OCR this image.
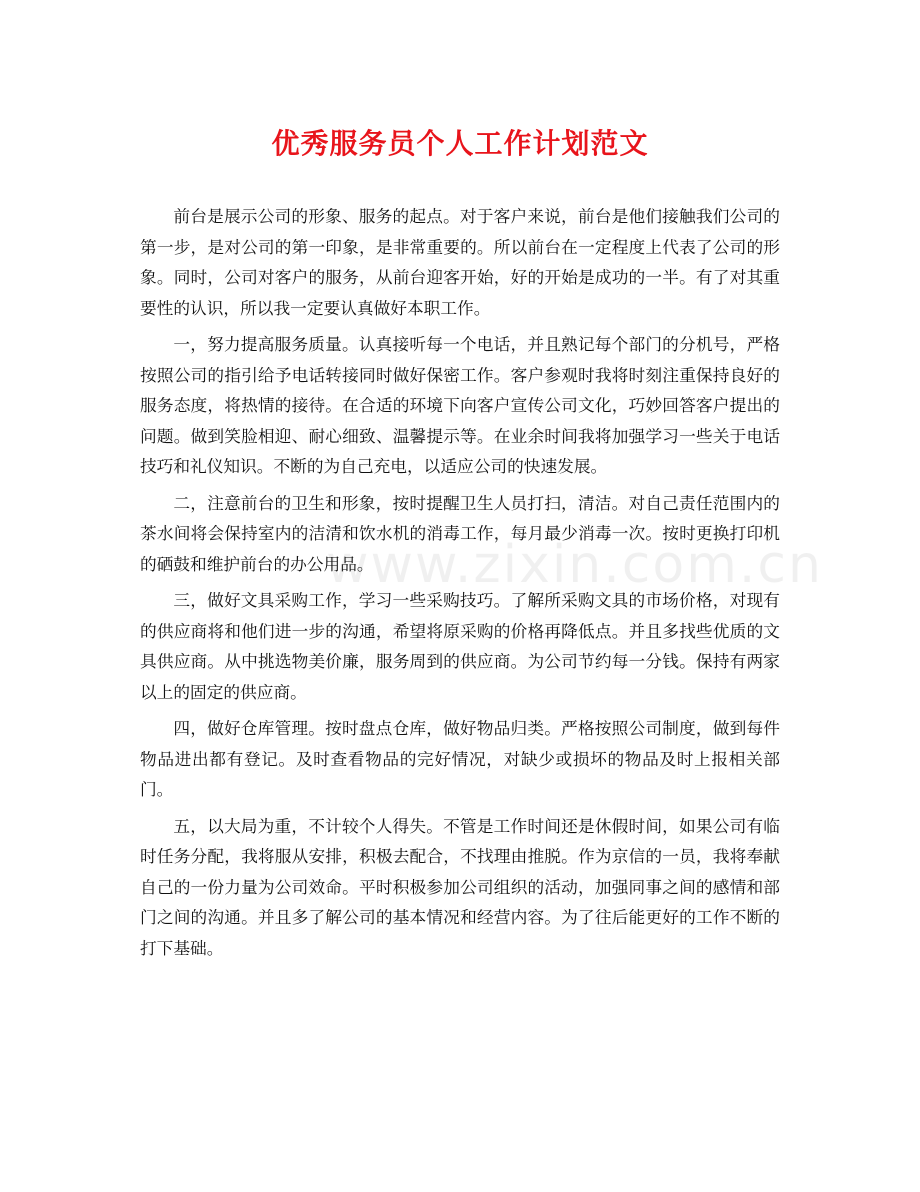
优秀服务员个人工作计划范文

前台是展示公司的形象、服务的起点。对于客户来说，前台是他们接触我们公司的第一步，是对公司的第一印象，是非常重要的。所以前台在一定程度上代表了公司的形象。同时，公司对客户的服务，从前台迎客开始，好的开始是成功的一半。有了对其重要性的认识，所以我一定要认真做好本职工作。

一，努力提高服务质量。认真接听每一个电话，并且熟记每个部门的分机号，严格按照公司的指引给予电话转接同时做好保密工作。客户参观时我将时刻注重保持良好的服务态度，将热情的接待。在合适的环境下向客户宣传公司文化，巧妙回答客户提出的问题。做到笑脸相迎、耐心细致、温馨提示等。在业余时间我将加强学习一些关于电话技巧和礼仪知识。不断的为自己充电，以适应公司的快速发展。

二，注意前台的卫生和形象，按时提醒卫生人员打扫，清洁。对自己责任范围内的茶水间将会保持室内的洁清和饮水机的消毒工作，每月最少消毒一次。按时更换打印机的硒鼓和维护前台的办公用品。

三，做好文具采购工作，学习一些采购技巧。了解所采购文具的市场价格，对现有的供应商将和他们进一步的沟通，希望将原采购的价格再降低点。并且多找些优质的文具供应商。从中挑选物美价廉，服务周到的供应商。为公司节约每一分钱。保持有两家以上的固定的供应商。

四，做好仓库管理。按时盘点仓库，做好物品归类。严格按照公司制度，做到每件物品进出都有登记。及时查看物品的完好情况，对缺少或损坏的物品及时上报相关部门。

五，以大局为重，不计较个人得失。不管是工作时间还是休假时间，如果公司有临时任务分配，我将服从安排，积极去配合，不找理由推脱。作为京信的一员，我将奉献自己的一份力量为公司效命。平时积极参加公司组织的活动，加强同事之间的感情和部门之间的沟通。并且多了解公司的基本情况和经营内容。为了往后能更好的工作不断的打下基础。

www.zixin.com.cn
